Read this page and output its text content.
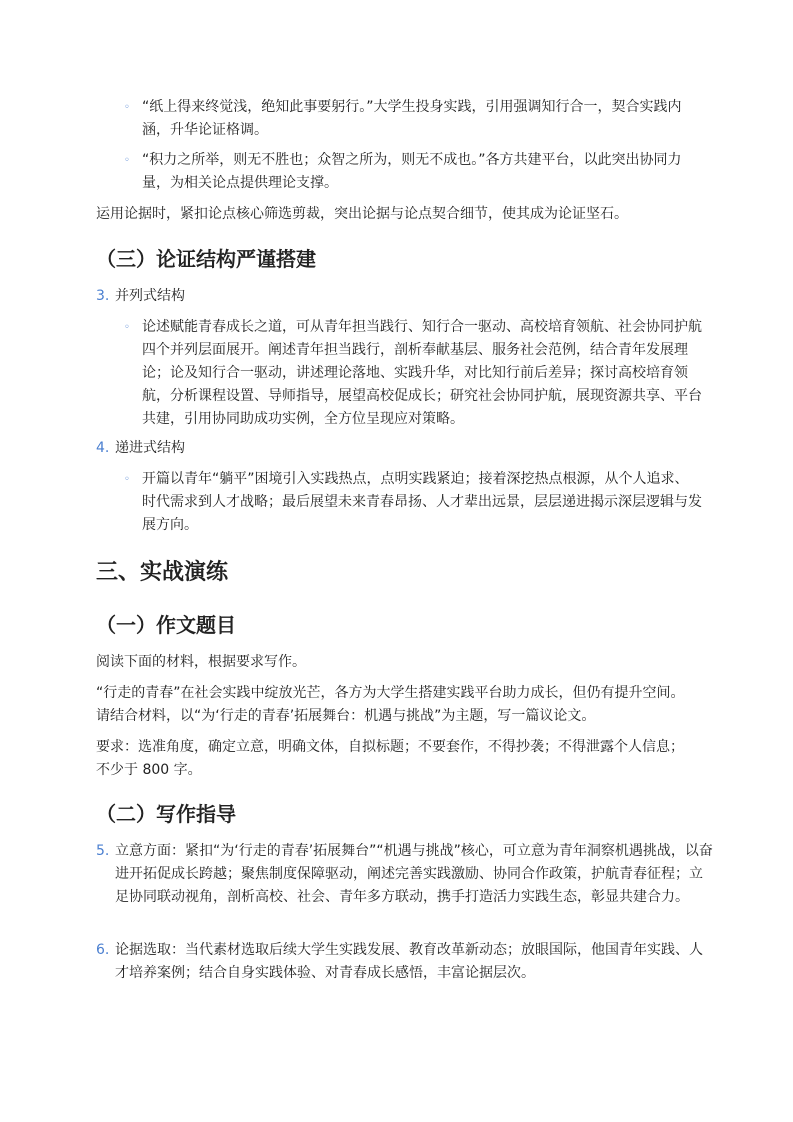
◦ “纸上得来终觉浅，绝知此事要躬行。”大学生投身实践，引用强调知行合一，契合实践内涵，升华论证格调。
◦ “积力之所举，则无不胜也；众智之所为，则无不成也。”各方共建平台，以此突出协同力量，为相关论点提供理论支撑。

运用论据时，紧扣论点核心筛选剪裁，突出论据与论点契合细节，使其成为论证坚石。

（三）论证结构严谨搭建
3. 并列式结构
◦ 论述赋能青春成长之道，可从青年担当践行、知行合一驱动、高校培育领航、社会协同护航四个并列层面展开。阐述青年担当践行，剖析奉献基层、服务社会范例，结合青年发展理论；论及知行合一驱动，讲述理论落地、实践升华，对比知行前后差异；探讨高校培育领航，分析课程设置、导师指导，展望高校促成长；研究社会协同护航，展现资源共享、平台共建，引用协同助成功实例，全方位呈现应对策略。
4. 递进式结构
◦ 开篇以青年“躺平”困境引入实践热点，点明实践紧迫；接着深挖热点根源，从个人追求、时代需求到人才战略；最后展望未来青春昂扬、人才辈出远景，层层递进揭示深层逻辑与发展方向。
三、实战演练
（一）作文题目

阅读下面的材料，根据要求写作。

“行走的青春”在社会实践中绽放光芒，各方为大学生搭建实践平台助力成长，但仍有提升空间。请结合材料，以“为‘行走的青春’拓展舞台：机遇与挑战”为主题，写一篇议论文。

要求：选准角度，确定立意，明确文体，自拟标题；不要套作，不得抄袭；不得泄露个人信息；不少于 800 字。

（二）写作指导
5. 立意方面：紧扣“为‘行走的青春’拓展舞台”“机遇与挑战”核心，可立意为青年洞察机遇挑战，以奋进开拓促成长跨越；聚焦制度保障驱动，阐述完善实践激励、协同合作政策，护航青春征程；立足协同联动视角，剖析高校、社会、青年多方联动，携手打造活力实践生态，彰显共建合力。
6. 论据选取：当代素材选取后续大学生实践发展、教育改革新动态；放眼国际，他国青年实践、人才培养案例；结合自身实践体验、对青春成长感悟，丰富论据层次。
